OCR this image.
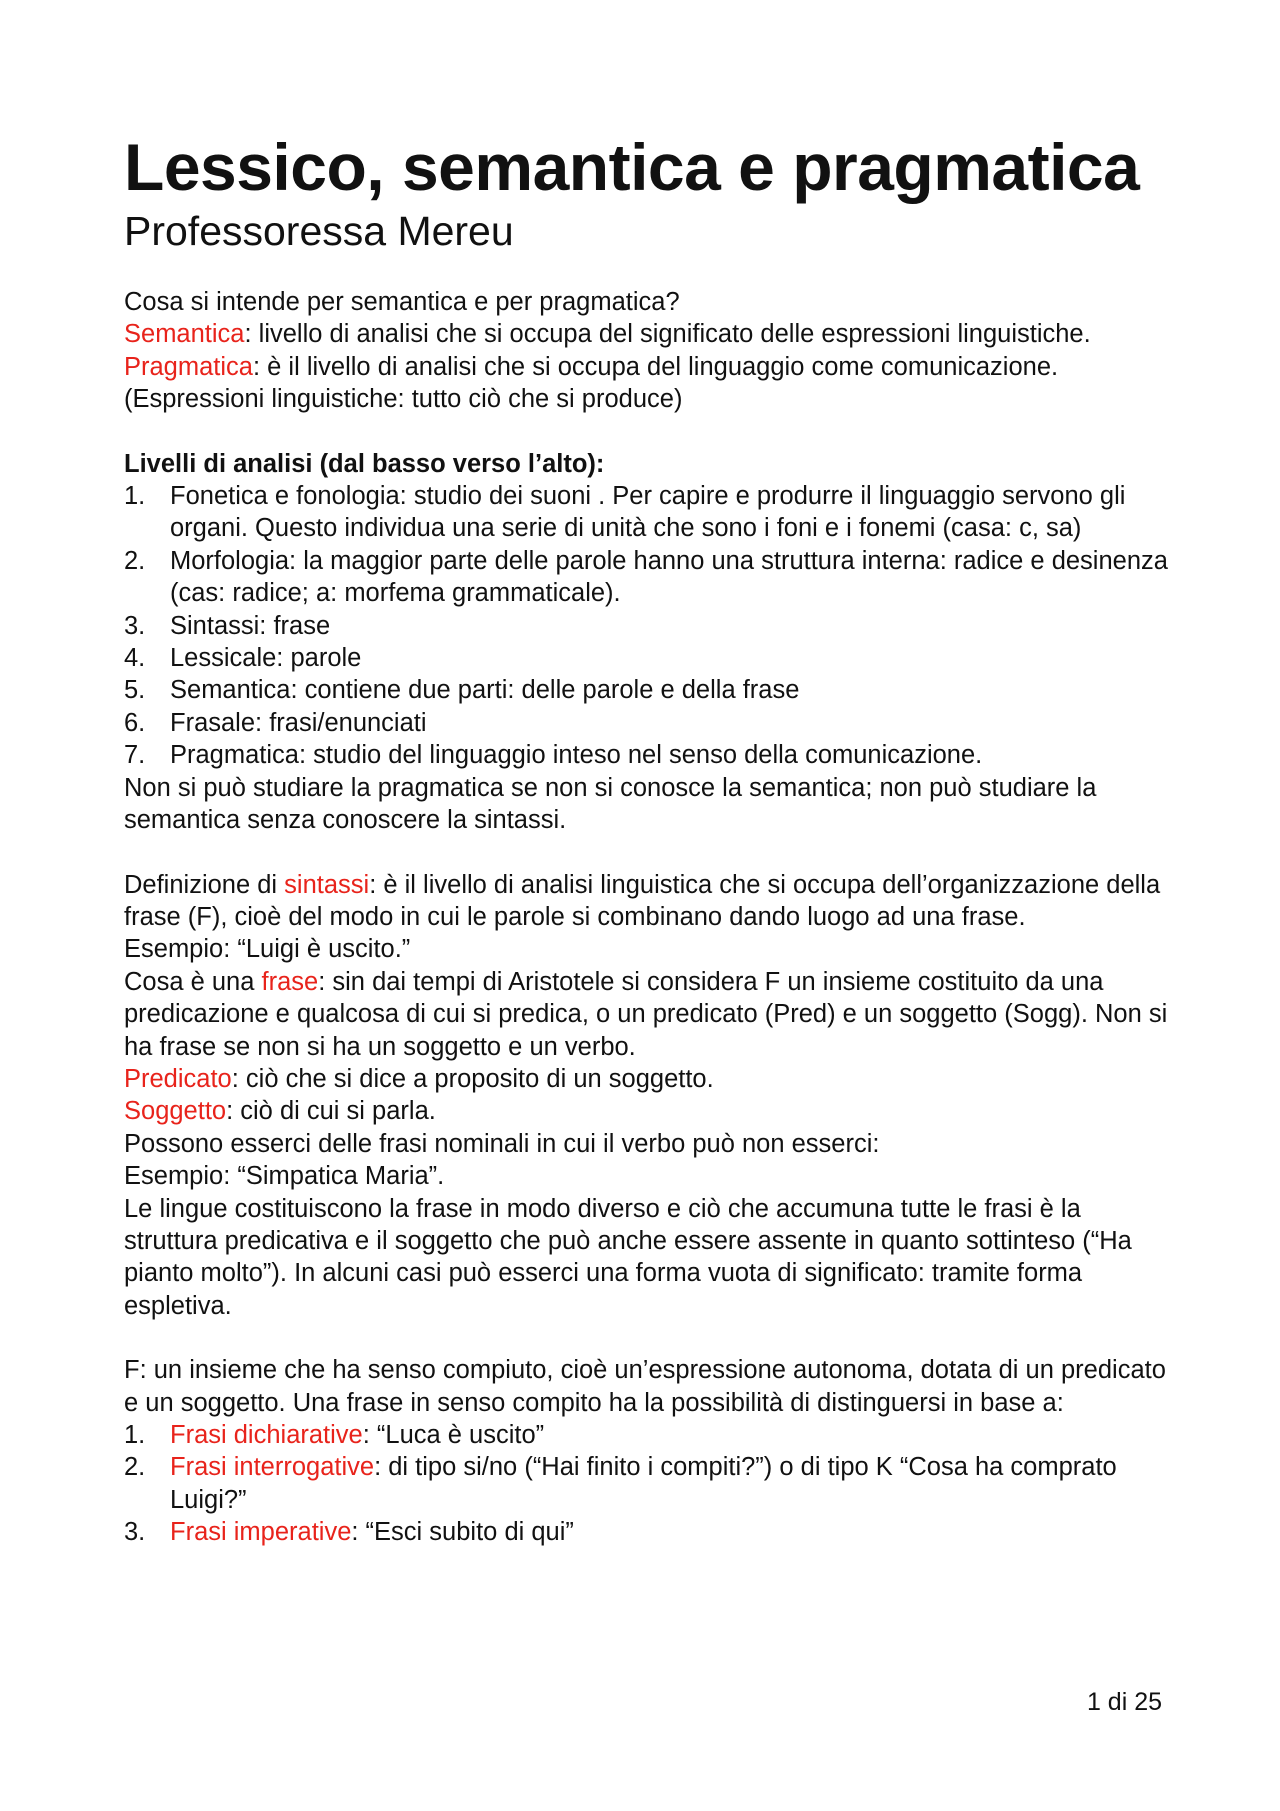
Lessico, semantica e pragmatica
Professoressa Mereu

Cosa si intende per semantica e per pragmatica?

Semantica: livello di analisi che si occupa del significato delle espressioni linguistiche.

Pragmatica: è il livello di analisi che si occupa del linguaggio come comunicazione.

(Espressioni linguistiche: tutto ciò che si produce)

Livelli di analisi (dal basso verso l’alto):

1. Fonetica e fonologia: studio dei suoni . Per capire e produrre il linguaggio servono gli organi. Questo individua una serie di unità che sono i foni e i fonemi (casa: c, sa)
2. Morfologia: la maggior parte delle parole hanno una struttura interna: radice e desinenza (cas: radice; a: morfema grammaticale).
3. Sintassi: frase
4. Lessicale: parole
5. Semantica: contiene due parti: delle parole e della frase
6. Frasale: frasi/enunciati
7. Pragmatica: studio del linguaggio inteso nel senso della comunicazione.

Non si può studiare la pragmatica se non si conosce la semantica; non può studiare la semantica senza conoscere la sintassi.

Definizione di sintassi: è il livello di analisi linguistica che si occupa dell’organizzazione della frase (F), cioè del modo in cui le parole si combinano dando luogo ad una frase.

Esempio: “Luigi è uscito.”

Cosa è una frase: sin dai tempi di Aristotele si considera F un insieme costituito da una predicazione e qualcosa di cui si predica, o un predicato (Pred) e un soggetto (Sogg). Non si ha frase se non si ha un soggetto e un verbo.

Predicato: ciò che si dice a proposito di un soggetto.

Soggetto: ciò di cui si parla.

Possono esserci delle frasi nominali in cui il verbo può non esserci:

Esempio: “Simpatica Maria”.

Le lingue costituiscono la frase in modo diverso e ciò che accumuna tutte le frasi è la struttura predicativa e il soggetto che può anche essere assente in quanto sottinteso (“Ha pianto molto”). In alcuni casi può esserci una forma vuota di significato: tramite forma espletiva.

F: un insieme che ha senso compiuto, cioè un’espressione autonoma, dotata di un predicato e un soggetto. Una frase in senso compito ha la possibilità di distinguersi in base a:

1. Frasi dichiarative: “Luca è uscito”
2. Frasi interrogative: di tipo si/no (“Hai finito i compiti?”) o di tipo K “Cosa ha comprato Luigi?”
3. Frasi imperative: “Esci subito di qui”
1 di 25
